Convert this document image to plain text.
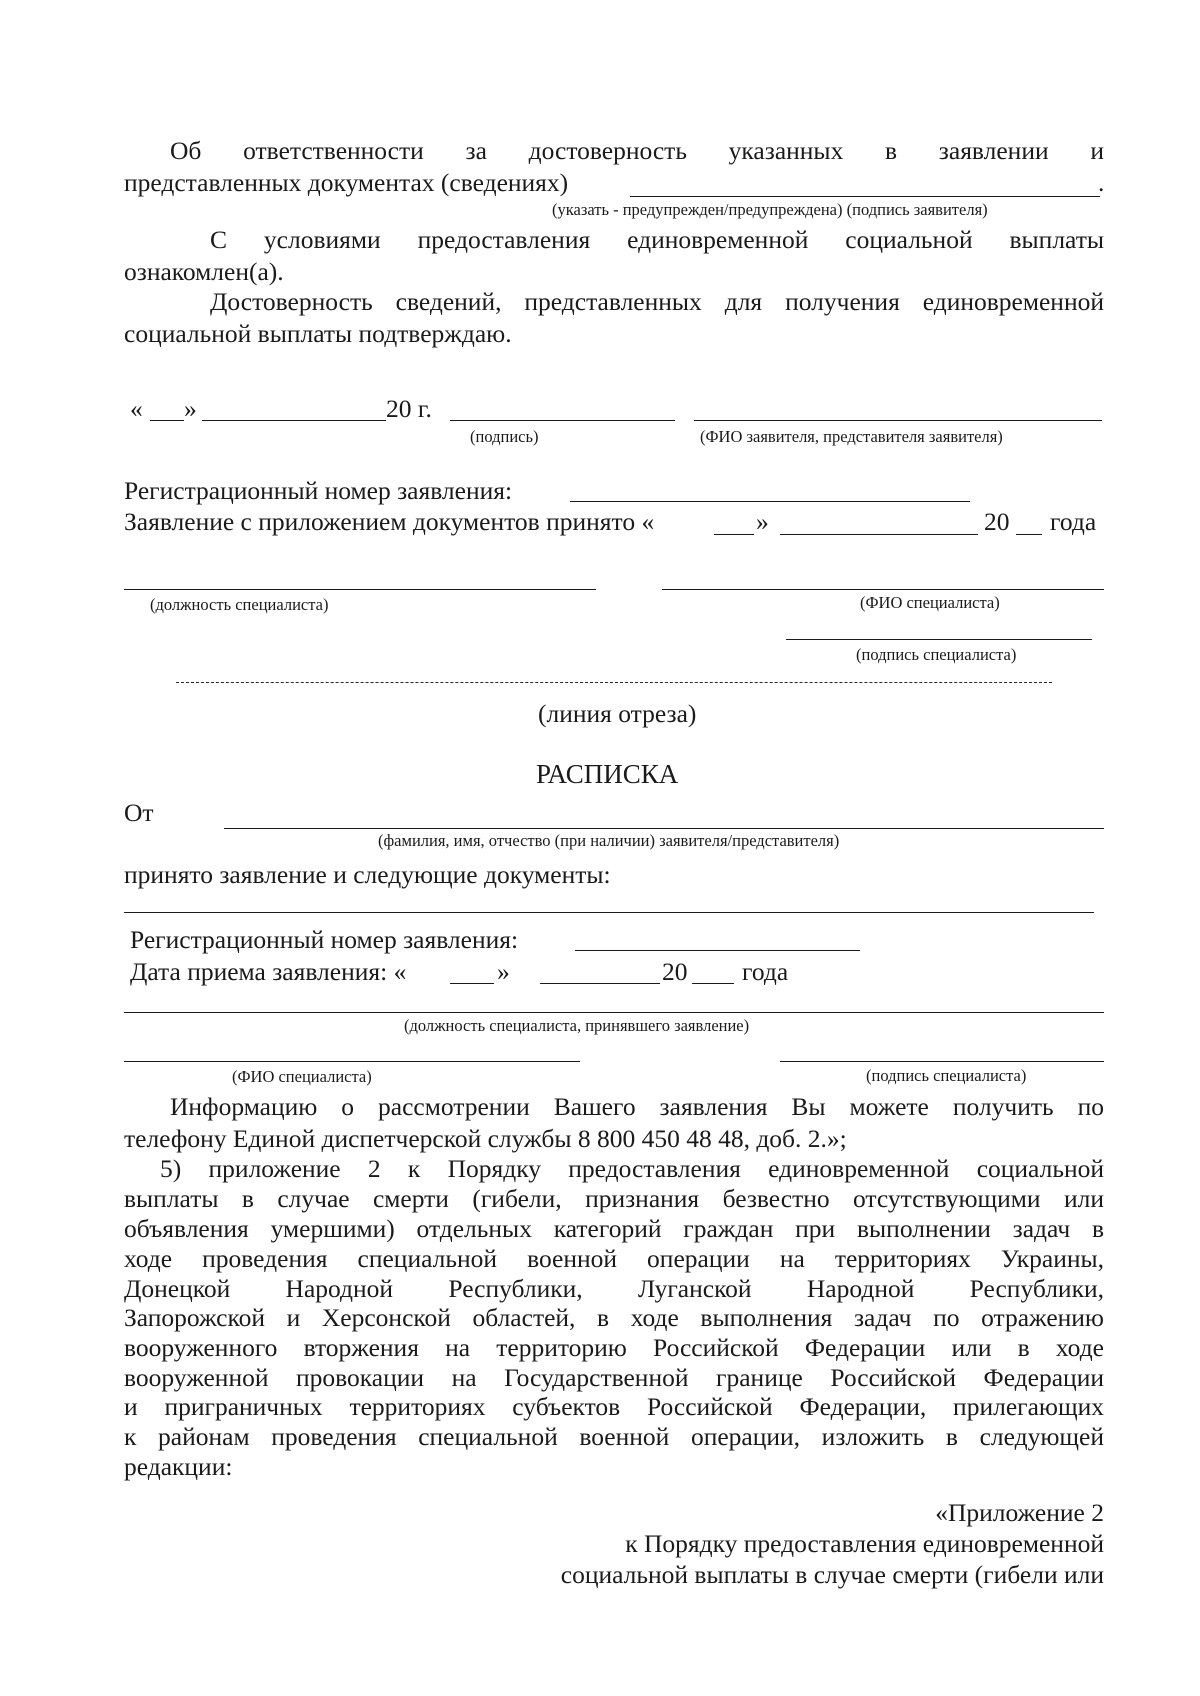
Об ответственности за достоверность указанных в заявлении и
представленных документах (сведениях)	.
(указать - предупрежден/предупреждена) (подпись заявителя)
С условиями предоставления единовременной социальной выплаты
ознакомлен(а).
Достоверность сведений, представленных для получения единовременной
социальной выплаты подтверждаю.
« »	20 г.
(подпись)	(ФИО заявителя, представителя заявителя)
Регистрационный номер заявления:
Заявление с приложением документов принято «	»	20 года
(должность специалиста)	(ФИО специалиста)
(подпись специалиста)
(линия отреза)
РАСПИСКА
От
(фамилия, имя, отчество (при наличии) заявителя/представителя)
принято заявление и следующие документы:
Регистрационный номер заявления:
Дата приема заявления: «	»	20 года
(должность специалиста, принявшего заявление)
(ФИО специалиста)	(подпись специалиста)
Информацию о рассмотрении Вашего заявления Вы можете получить по
телефону Единой диспетчерской службы 8 800 450 48 48, доб. 2.»;
5) приложение 2 к Порядку предоставления единовременной социальной
выплаты в случае смерти (гибели, признания безвестно отсутствующими или
объявления умершими) отдельных категорий граждан при выполнении задач в
ходе проведения специальной военной операции на территориях Украины,
Донецкой Народной Республики, Луганской Народной Республики,
Запорожской и Херсонской областей, в ходе выполнения задач по отражению
вооруженного вторжения на территорию Российской Федерации или в ходе
вооруженной провокации на Государственной границе Российской Федерации
и приграничных территориях субъектов Российской Федерации, прилегающих
к районам проведения специальной военной операции, изложить в следующей
редакции:
«Приложение 2
к Порядку предоставления единовременной
социальной выплаты в случае смерти (гибели или
